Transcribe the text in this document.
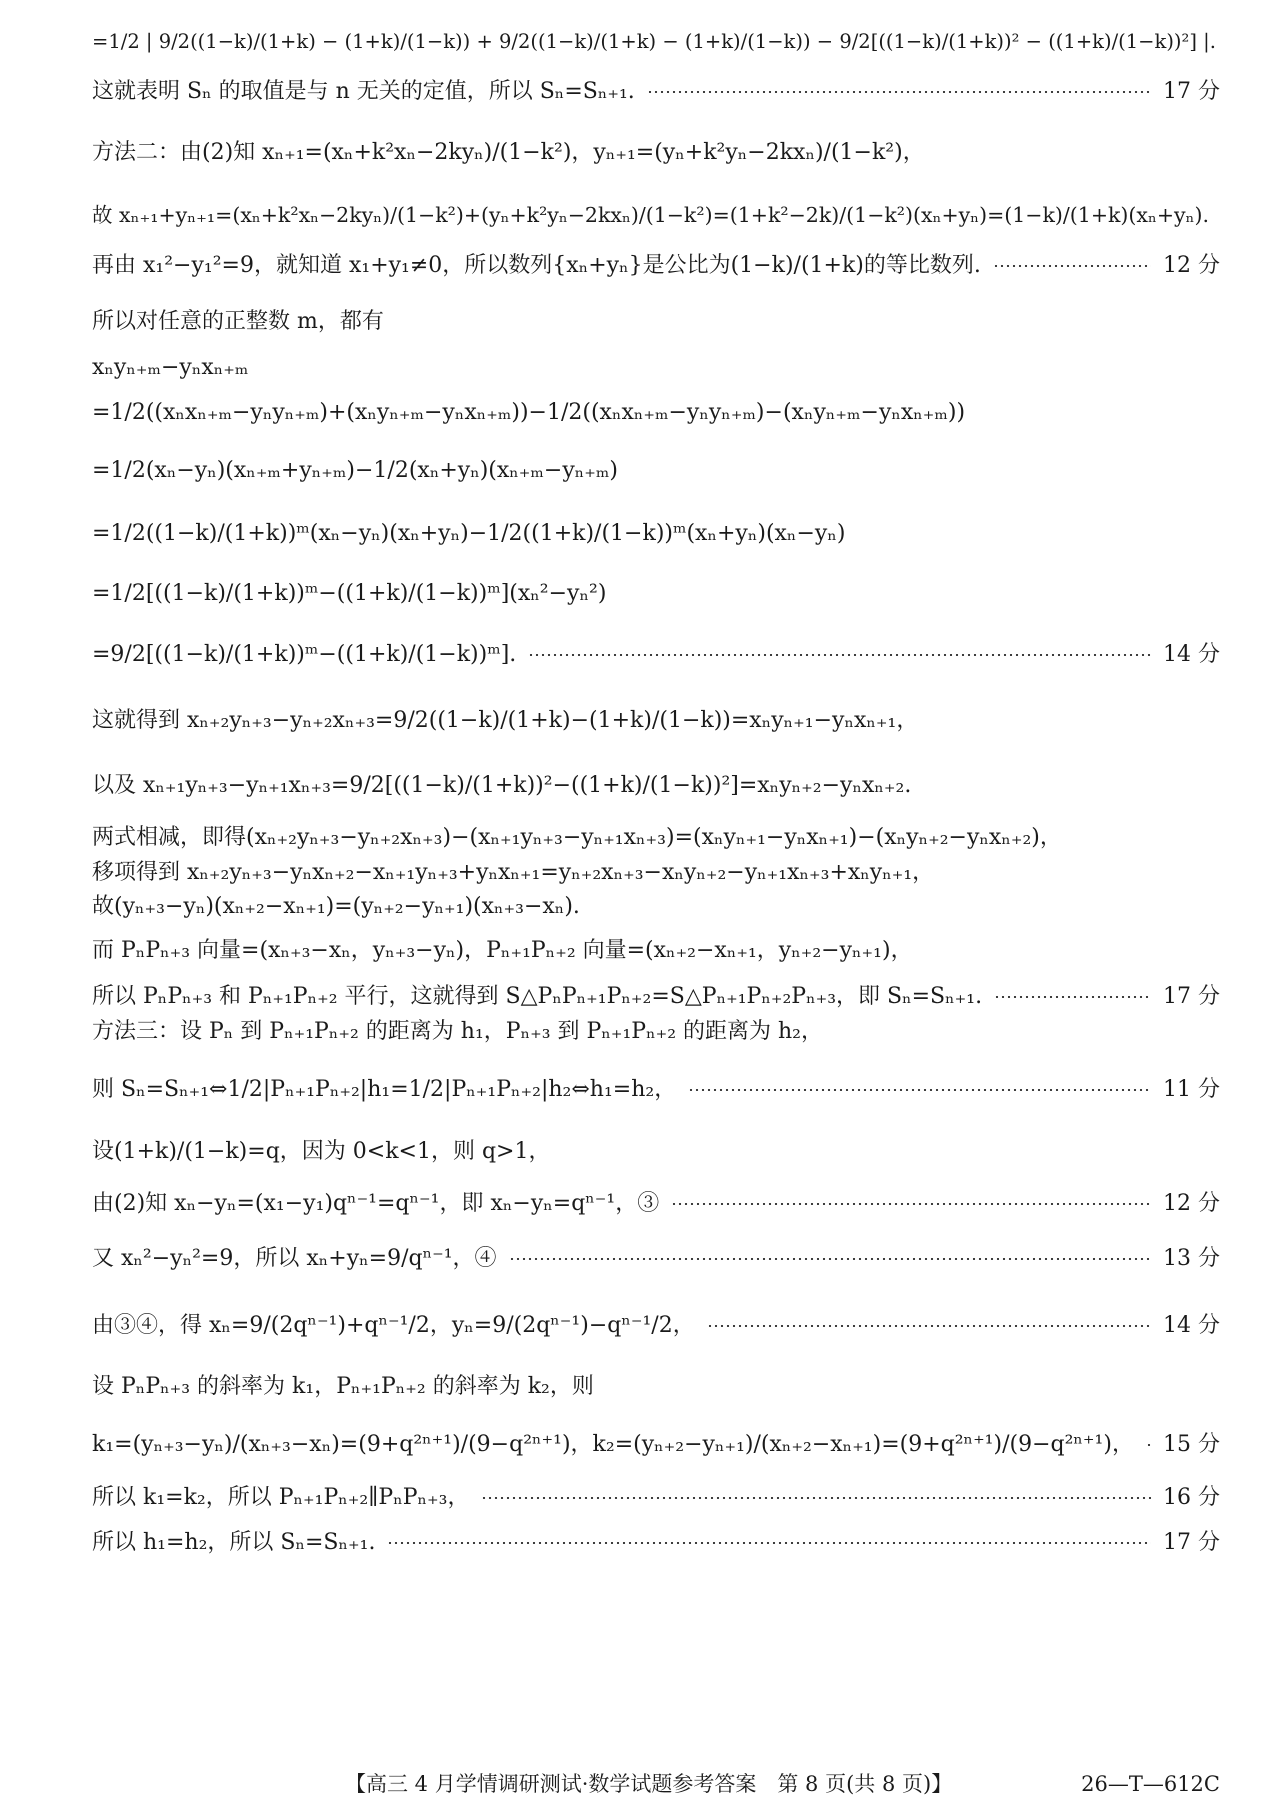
=1/2 | 9/2((1−k)/(1+k) − (1+k)/(1−k)) + 9/2((1−k)/(1+k) − (1+k)/(1−k)) − 9/2[((1−k)/(1+k))² − ((1+k)/(1−k))²] |.
这就表明 Sₙ 的取值是与 n 无关的定值，所以 Sₙ=Sₙ₊₁.	17 分
方法二：由(2)知 xₙ₊₁=(xₙ+k²xₙ−2kyₙ)/(1−k²)，yₙ₊₁=(yₙ+k²yₙ−2kxₙ)/(1−k²)，
故 xₙ₊₁+yₙ₊₁=(xₙ+k²xₙ−2kyₙ)/(1−k²)+(yₙ+k²yₙ−2kxₙ)/(1−k²)=(1+k²−2k)/(1−k²)(xₙ+yₙ)=(1−k)/(1+k)(xₙ+yₙ).
再由 x₁²−y₁²=9，就知道 x₁+y₁≠0，所以数列{xₙ+yₙ}是公比为(1−k)/(1+k)的等比数列.	12 分
所以对任意的正整数 m，都有
xₙyₙ₊ₘ−yₙxₙ₊ₘ
=1/2((xₙxₙ₊ₘ−yₙyₙ₊ₘ)+(xₙyₙ₊ₘ−yₙxₙ₊ₘ))−1/2((xₙxₙ₊ₘ−yₙyₙ₊ₘ)−(xₙyₙ₊ₘ−yₙxₙ₊ₘ))
=1/2(xₙ−yₙ)(xₙ₊ₘ+yₙ₊ₘ)−1/2(xₙ+yₙ)(xₙ₊ₘ−yₙ₊ₘ)
=1/2((1−k)/(1+k))ᵐ(xₙ−yₙ)(xₙ+yₙ)−1/2((1+k)/(1−k))ᵐ(xₙ+yₙ)(xₙ−yₙ)
=1/2[((1−k)/(1+k))ᵐ−((1+k)/(1−k))ᵐ](xₙ²−yₙ²)
=9/2[((1−k)/(1+k))ᵐ−((1+k)/(1−k))ᵐ].	14 分
这就得到 xₙ₊₂yₙ₊₃−yₙ₊₂xₙ₊₃=9/2((1−k)/(1+k)−(1+k)/(1−k))=xₙyₙ₊₁−yₙxₙ₊₁，
以及 xₙ₊₁yₙ₊₃−yₙ₊₁xₙ₊₃=9/2[((1−k)/(1+k))²−((1+k)/(1−k))²]=xₙyₙ₊₂−yₙxₙ₊₂.
两式相减，即得(xₙ₊₂yₙ₊₃−yₙ₊₂xₙ₊₃)−(xₙ₊₁yₙ₊₃−yₙ₊₁xₙ₊₃)=(xₙyₙ₊₁−yₙxₙ₊₁)−(xₙyₙ₊₂−yₙxₙ₊₂)，
移项得到 xₙ₊₂yₙ₊₃−yₙxₙ₊₂−xₙ₊₁yₙ₊₃+yₙxₙ₊₁=yₙ₊₂xₙ₊₃−xₙyₙ₊₂−yₙ₊₁xₙ₊₃+xₙyₙ₊₁，
故(yₙ₊₃−yₙ)(xₙ₊₂−xₙ₊₁)=(yₙ₊₂−yₙ₊₁)(xₙ₊₃−xₙ).
而 PₙPₙ₊₃ 向量=(xₙ₊₃−xₙ，yₙ₊₃−yₙ)，Pₙ₊₁Pₙ₊₂ 向量=(xₙ₊₂−xₙ₊₁，yₙ₊₂−yₙ₊₁)，
所以 PₙPₙ₊₃ 和 Pₙ₊₁Pₙ₊₂ 平行，这就得到 S△PₙPₙ₊₁Pₙ₊₂=S△Pₙ₊₁Pₙ₊₂Pₙ₊₃，即 Sₙ=Sₙ₊₁.	17 分
方法三：设 Pₙ 到 Pₙ₊₁Pₙ₊₂ 的距离为 h₁，Pₙ₊₃ 到 Pₙ₊₁Pₙ₊₂ 的距离为 h₂，
则 Sₙ=Sₙ₊₁⇔1/2|Pₙ₊₁Pₙ₊₂|h₁=1/2|Pₙ₊₁Pₙ₊₂|h₂⇔h₁=h₂，	11 分
设(1+k)/(1−k)=q，因为 0<k<1，则 q>1，
由(2)知 xₙ−yₙ=(x₁−y₁)qⁿ⁻¹=qⁿ⁻¹，即 xₙ−yₙ=qⁿ⁻¹，③	12 分
又 xₙ²−yₙ²=9，所以 xₙ+yₙ=9/qⁿ⁻¹，④	13 分
由③④，得 xₙ=9/(2qⁿ⁻¹)+qⁿ⁻¹/2，yₙ=9/(2qⁿ⁻¹)−qⁿ⁻¹/2，	14 分
设 PₙPₙ₊₃ 的斜率为 k₁，Pₙ₊₁Pₙ₊₂ 的斜率为 k₂，则
k₁=(yₙ₊₃−yₙ)/(xₙ₊₃−xₙ)=(9+q²ⁿ⁺¹)/(9−q²ⁿ⁺¹)，k₂=(yₙ₊₂−yₙ₊₁)/(xₙ₊₂−xₙ₊₁)=(9+q²ⁿ⁺¹)/(9−q²ⁿ⁺¹)， 15 分
所以 k₁=k₂，所以 Pₙ₊₁Pₙ₊₂∥PₙPₙ₊₃，	16 分
所以 h₁=h₂，所以 Sₙ=Sₙ₊₁.	17 分
【高三 4 月学情调研测试·数学试题参考答案　第 8 页(共 8 页)】	26—T—612C
